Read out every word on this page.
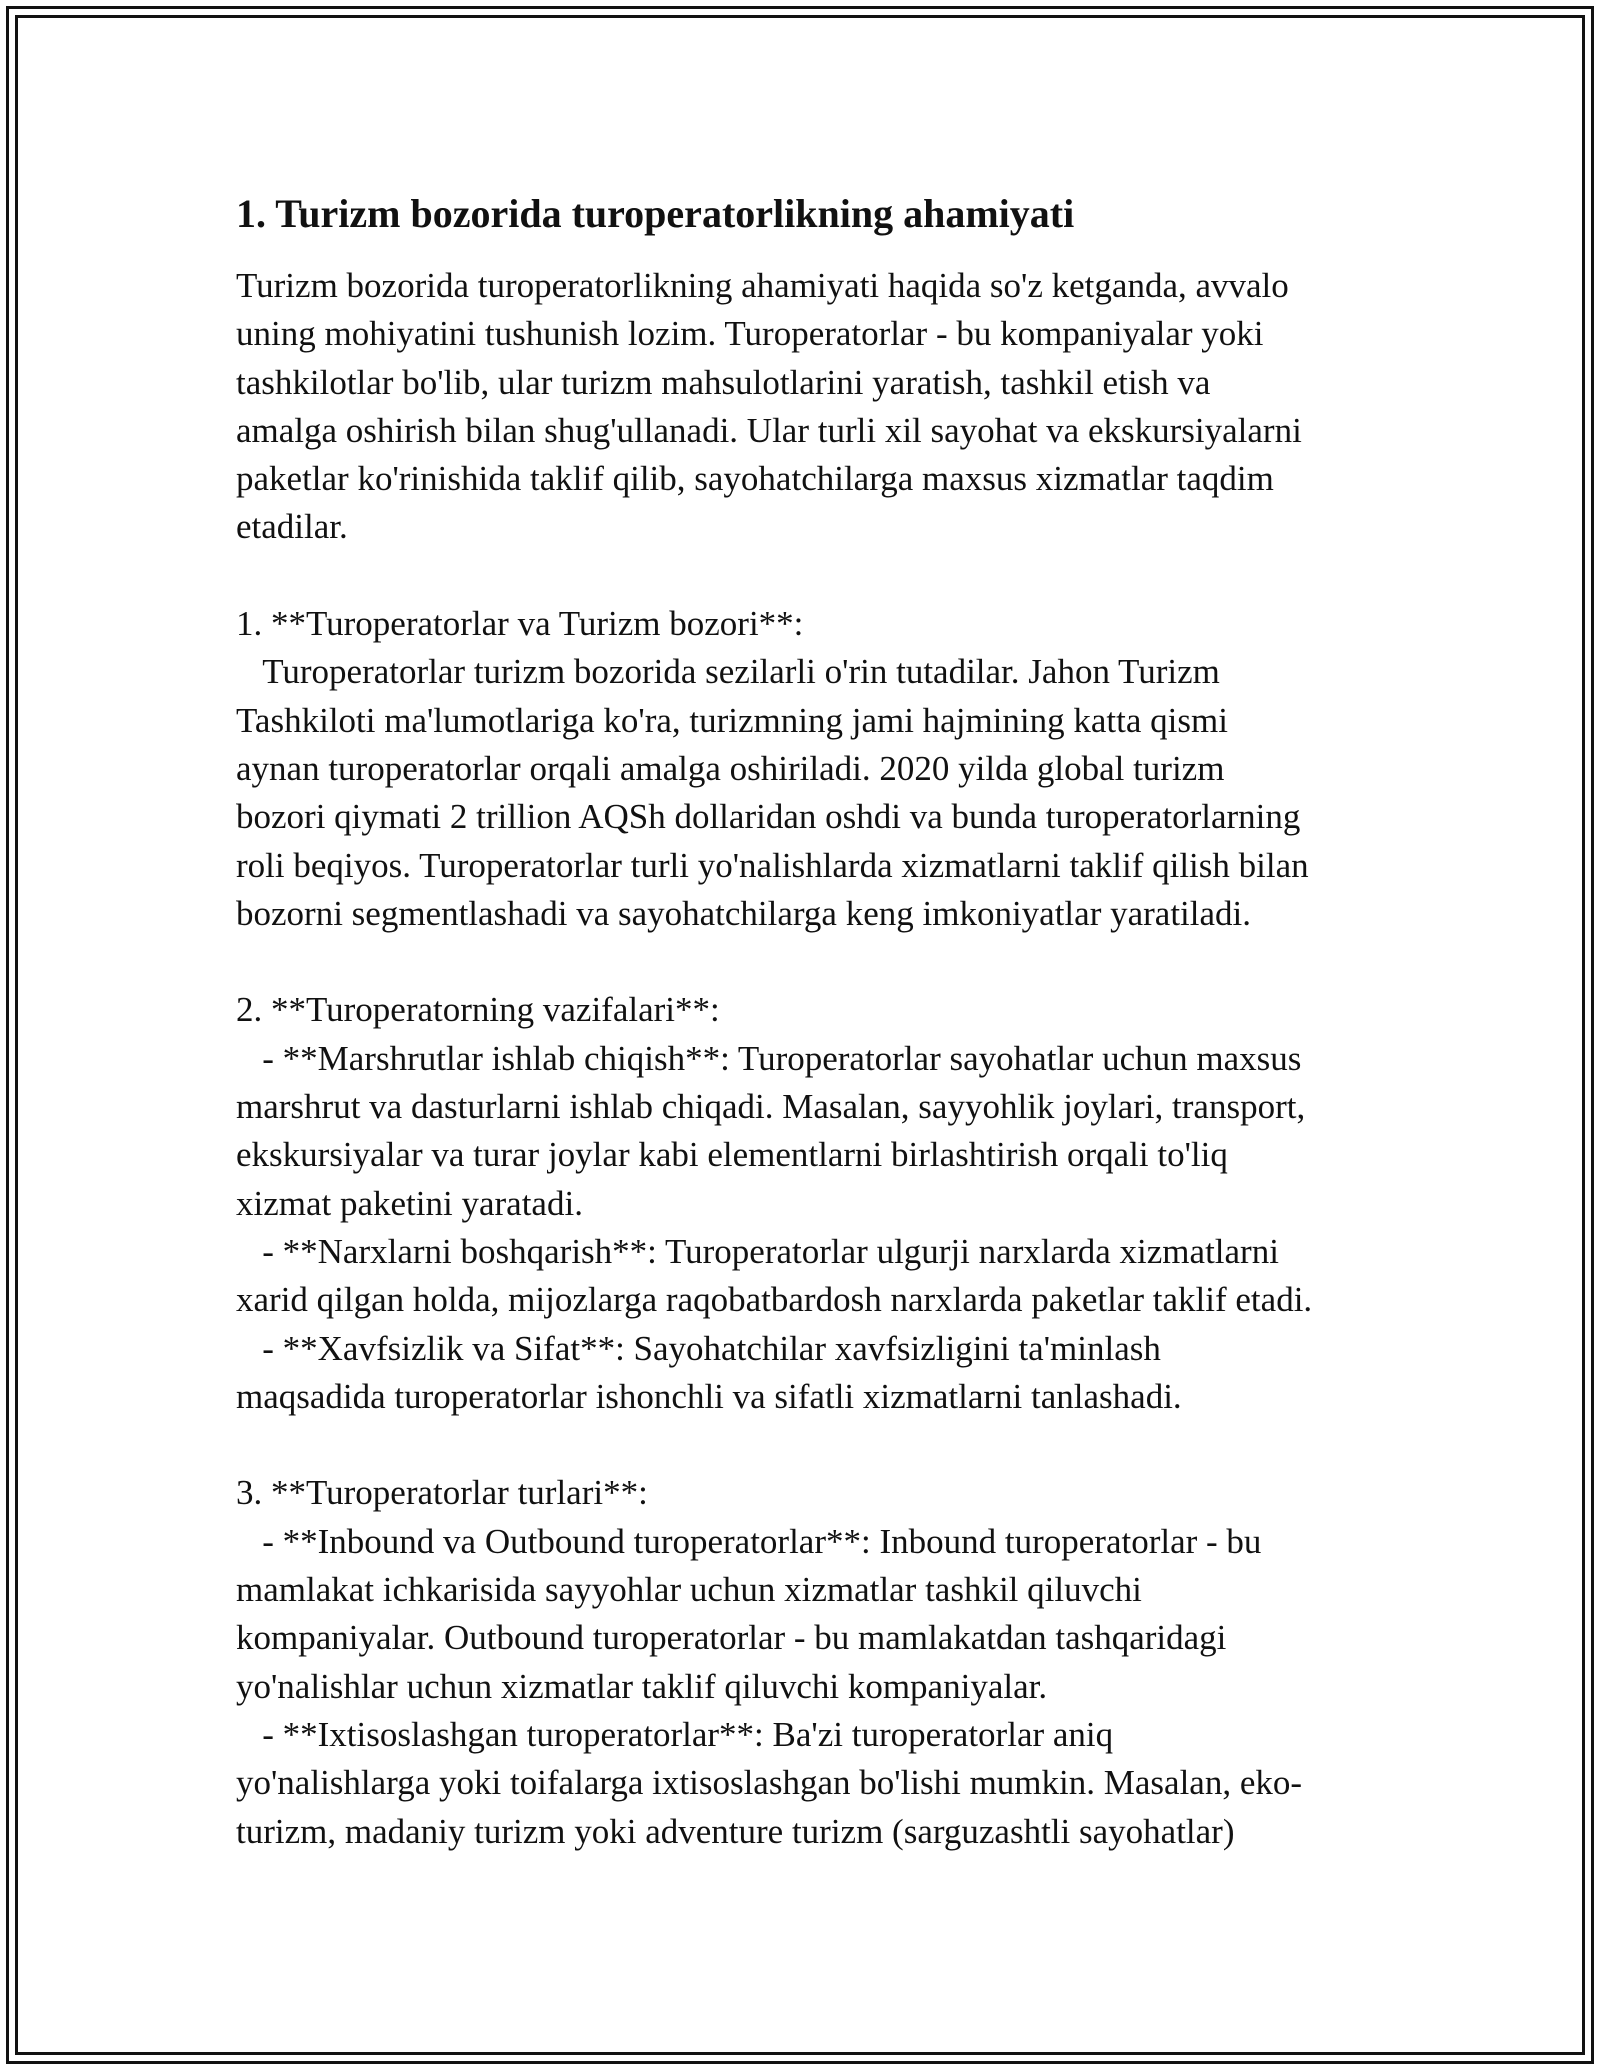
1. Turizm bozorida turoperatorlikning ahamiyati

Turizm bozorida turoperatorlikning ahamiyati haqida so'z ketganda, avvalo
uning mohiyatini tushunish lozim. Turoperatorlar - bu kompaniyalar yoki
tashkilotlar bo'lib, ular turizm mahsulotlarini yaratish, tashkil etish va
amalga oshirish bilan shug'ullanadi. Ular turli xil sayohat va ekskursiyalarni
paketlar ko'rinishida taklif qilib, sayohatchilarga maxsus xizmatlar taqdim
etadilar.

1. **Turoperatorlar va Turizm bozori**:

Turoperatorlar turizm bozorida sezilarli o'rin tutadilar. Jahon Turizm
Tashkiloti ma'lumotlariga ko'ra, turizmning jami hajmining katta qismi
aynan turoperatorlar orqali amalga oshiriladi. 2020 yilda global turizm
bozori qiymati 2 trillion AQSh dollaridan oshdi va bunda turoperatorlarning
roli beqiyos. Turoperatorlar turli yo'nalishlarda xizmatlarni taklif qilish bilan
bozorni segmentlashadi va sayohatchilarga keng imkoniyatlar yaratiladi.

2. **Turoperatorning vazifalari**:

- **Marshrutlar ishlab chiqish**: Turoperatorlar sayohatlar uchun maxsus
marshrut va dasturlarni ishlab chiqadi. Masalan, sayyohlik joylari, transport,
ekskursiyalar va turar joylar kabi elementlarni birlashtirish orqali to'liq
xizmat paketini yaratadi.

- **Narxlarni boshqarish**: Turoperatorlar ulgurji narxlarda xizmatlarni
xarid qilgan holda, mijozlarga raqobatbardosh narxlarda paketlar taklif etadi.

- **Xavfsizlik va Sifat**: Sayohatchilar xavfsizligini ta'minlash
maqsadida turoperatorlar ishonchli va sifatli xizmatlarni tanlashadi.

3. **Turoperatorlar turlari**:

- **Inbound va Outbound turoperatorlar**: Inbound turoperatorlar - bu
mamlakat ichkarisida sayyohlar uchun xizmatlar tashkil qiluvchi
kompaniyalar. Outbound turoperatorlar - bu mamlakatdan tashqaridagi
yo'nalishlar uchun xizmatlar taklif qiluvchi kompaniyalar.

- **Ixtisoslashgan turoperatorlar**: Ba'zi turoperatorlar aniq
yo'nalishlarga yoki toifalarga ixtisoslashgan bo'lishi mumkin. Masalan, eko-
turizm, madaniy turizm yoki adventure turizm (sarguzashtli sayohatlar)
